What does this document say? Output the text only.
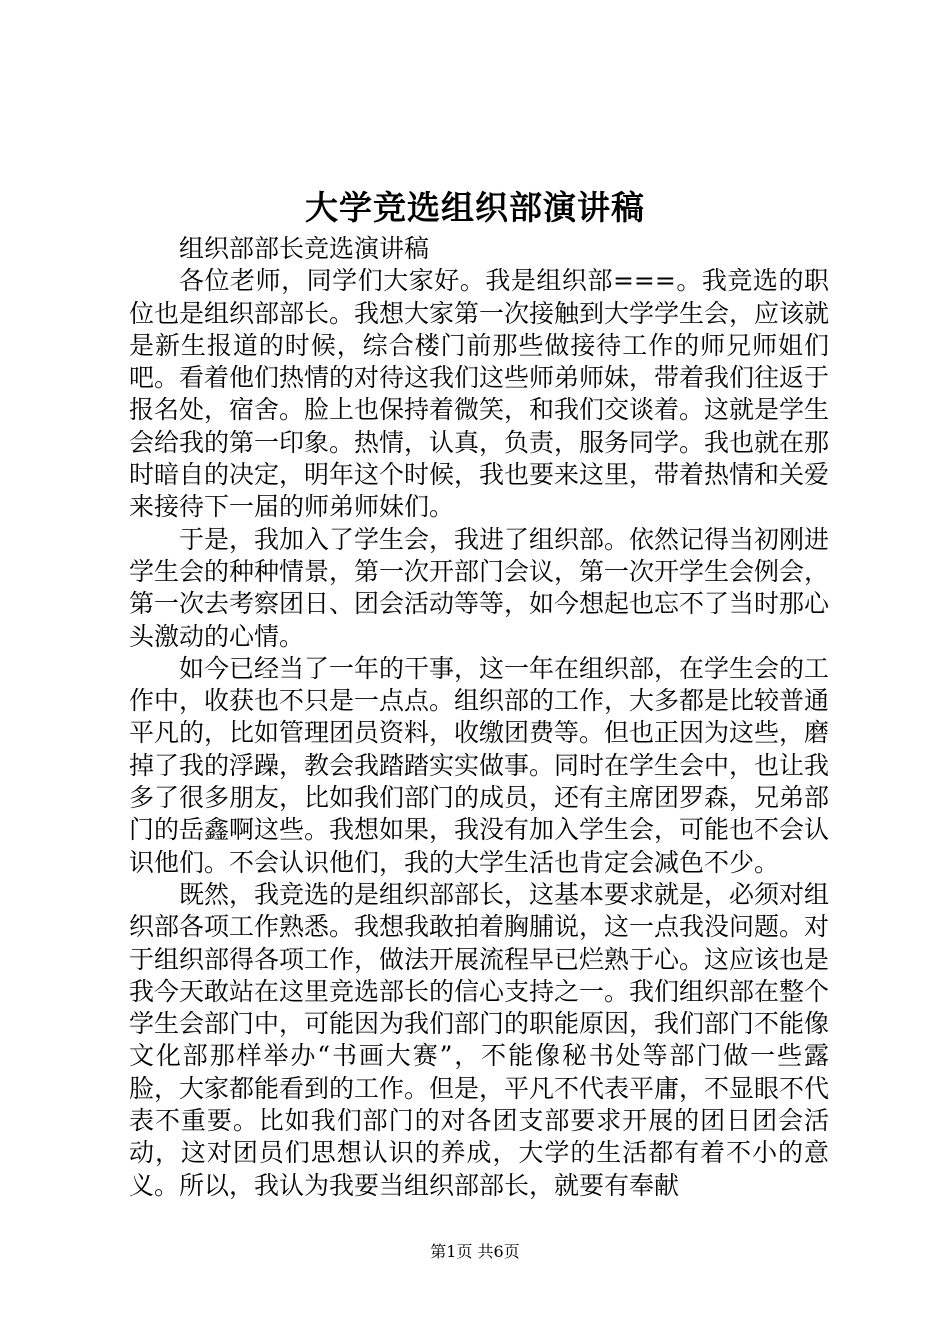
大学竞选组织部演讲稿

组织部部长竞选演讲稿

各位老师，同学们大家好。我是组织部===。我竞选的职位也是组织部部长。我想大家第一次接触到大学学生会，应该就是新生报道的时候，综合楼门前那些做接待工作的师兄师姐们吧。看着他们热情的对待这我们这些师弟师妹，带着我们往返于报名处，宿舍。脸上也保持着微笑，和我们交谈着。这就是学生会给我的第一印象。热情，认真，负责，服务同学。我也就在那时暗自的决定，明年这个时候，我也要来这里，带着热情和关爱来接待下一届的师弟师妹们。

于是，我加入了学生会，我进了组织部。依然记得当初刚进学生会的种种情景，第一次开部门会议，第一次开学生会例会，第一次去考察团日、团会活动等等，如今想起也忘不了当时那心头激动的心情。

如今已经当了一年的干事，这一年在组织部，在学生会的工作中，收获也不只是一点点。组织部的工作，大多都是比较普通平凡的，比如管理团员资料，收缴团费等。但也正因为这些，磨掉了我的浮躁，教会我踏踏实实做事。同时在学生会中，也让我多了很多朋友，比如我们部门的成员，还有主席团罗森，兄弟部门的岳鑫啊这些。我想如果，我没有加入学生会，可能也不会认识他们。不会认识他们，我的大学生活也肯定会减色不少。

既然，我竞选的是组织部部长，这基本要求就是，必须对组织部各项工作熟悉。我想我敢拍着胸脯说，这一点我没问题。对于组织部得各项工作，做法开展流程早已烂熟于心。这应该也是我今天敢站在这里竞选部长的信心支持之一。我们组织部在整个学生会部门中，可能因为我们部门的职能原因，我们部门不能像文化部那样举办“书画大赛”，不能像秘书处等部门做一些露脸，大家都能看到的工作。但是，平凡不代表平庸，不显眼不代表不重要。比如我们部门的对各团支部要求开展的团日团会活动，这对团员们思想认识的养成，大学的生活都有着不小的意义。所以，我认为我要当组织部部长，就要有奉献

第1页 共6页
